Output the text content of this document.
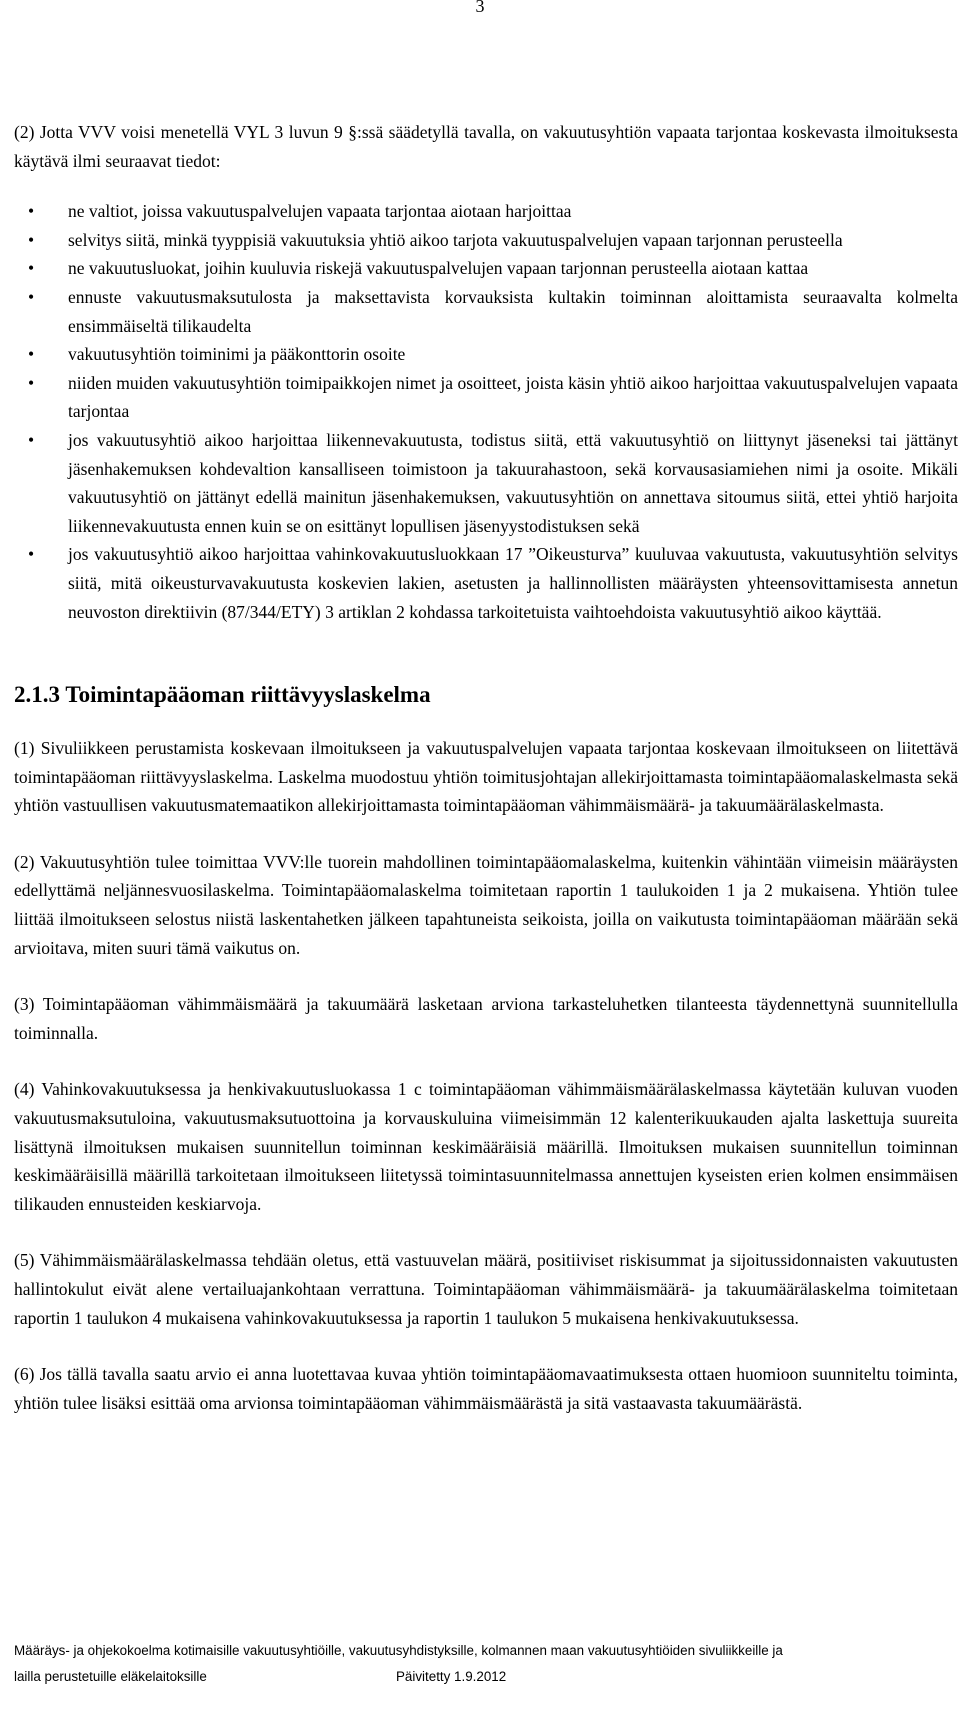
3

(2) Jotta VVV voisi menetellä VYL 3 luvun 9 §:ssä säädetyllä tavalla, on vakuutusyhtiön vapaata tarjontaa koskevasta ilmoituksesta käytävä ilmi seuraavat tiedot:

• ne valtiot, joissa vakuutuspalvelujen vapaata tarjontaa aiotaan harjoittaa
• selvitys siitä, minkä tyyppisiä vakuutuksia yhtiö aikoo tarjota vakuutuspalvelujen vapaan tarjonnan perusteella
• ne vakuutusluokat, joihin kuuluvia riskejä vakuutuspalvelujen vapaan tarjonnan perusteella aiotaan kattaa
• ennuste vakuutusmaksutulosta ja maksettavista korvauksista kultakin toiminnan aloittamista seuraavalta kolmelta ensimmäiseltä tilikaudelta
• vakuutusyhtiön toiminimi ja pääkonttorin osoite
• niiden muiden vakuutusyhtiön toimipaikkojen nimet ja osoitteet, joista käsin yhtiö aikoo harjoittaa vakuutuspalvelujen vapaata tarjontaa
• jos vakuutusyhtiö aikoo harjoittaa liikennevakuutusta, todistus siitä, että vakuutusyhtiö on liittynyt jäseneksi tai jättänyt jäsenhakemuksen kohdevaltion kansalliseen toimistoon ja takuurahastoon, sekä korvausasiamiehen nimi ja osoite. Mikäli vakuutusyhtiö on jättänyt edellä mainitun jäsenhakemuksen, vakuutusyhtiön on annettava sitoumus siitä, ettei yhtiö harjoita liikennevakuutusta ennen kuin se on esittänyt lopullisen jäsenyystodistuksen sekä
• jos vakuutusyhtiö aikoo harjoittaa vahinkovakuutusluokkaan 17 ”Oikeusturva” kuuluvaa vakuutusta, vakuutusyhtiön selvitys siitä, mitä oikeusturvavakuutusta koskevien lakien, asetusten ja hallinnollisten määräysten yhteensovittamisesta annetun neuvoston direktiivin (87/344/ETY) 3 artiklan 2 kohdassa tarkoitetuista vaihtoehdoista vakuutusyhtiö aikoo käyttää.
2.1.3 Toimintapääoman riittävyyslaskelma

(1) Sivuliikkeen perustamista koskevaan ilmoitukseen ja vakuutuspalvelujen vapaata tarjontaa koskevaan ilmoitukseen on liitettävä toimintapääoman riittävyyslaskelma. Laskelma muodostuu yhtiön toimitusjohtajan allekirjoittamasta toimintapääomalaskelmasta sekä yhtiön vastuullisen vakuutusmatemaatikon allekirjoittamasta toimintapääoman vähimmäismäärä- ja takuumäärälaskelmasta.

(2) Vakuutusyhtiön tulee toimittaa VVV:lle tuorein mahdollinen toimintapääomalaskelma, kuitenkin vähintään viimeisin määräysten edellyttämä neljännesvuosilaskelma. Toimintapääomalaskelma toimitetaan raportin 1 taulukoiden 1 ja 2 mukaisena. Yhtiön tulee liittää ilmoitukseen selostus niistä laskentahetken jälkeen tapahtuneista seikoista, joilla on vaikutusta toimintapääoman määrään sekä arvioitava, miten suuri tämä vaikutus on.

(3) Toimintapääoman vähimmäismäärä ja takuumäärä lasketaan arviona tarkasteluhetken tilanteesta täydennettynä suunnitellulla toiminnalla.

(4) Vahinkovakuutuksessa ja henkivakuutusluokassa 1 c toimintapääoman vähimmäismäärälaskelmassa käytetään kuluvan vuoden vakuutusmaksutuloina, vakuutusmaksutuottoina ja korvauskuluina viimeisimmän 12 kalenterikuukauden ajalta laskettuja suureita lisättynä ilmoituksen mukaisen suunnitellun toiminnan keskimääräisiä määrillä. Ilmoituksen mukaisen suunnitellun toiminnan keskimääräisillä määrillä tarkoitetaan ilmoitukseen liitetyssä toimintasuunnitelmassa annettujen kyseisten erien kolmen ensimmäisen tilikauden ennusteiden keskiarvoja.

(5) Vähimmäismäärälaskelmassa tehdään oletus, että vastuuvelan määrä, positiiviset riskisummat ja sijoitussidonnaisten vakuutusten hallintokulut eivät alene vertailuajankohtaan verrattuna. Toimintapääoman vähimmäismäärä- ja takuumäärälaskelma toimitetaan raportin 1 taulukon 4 mukaisena vahinkovakuutuksessa ja raportin 1 taulukon 5 mukaisena henkivakuutuksessa.

(6) Jos tällä tavalla saatu arvio ei anna luotettavaa kuvaa yhtiön toimintapääomavaatimuksesta ottaen huomioon suunniteltu toiminta, yhtiön tulee lisäksi esittää oma arvionsa toimintapääoman vähimmäismäärästä ja sitä vastaavasta takuumäärästä.

Määräys- ja ohjekokoelma kotimaisille vakuutusyhtiöille, vakuutusyhdistyksille, kolmannen maan vakuutusyhtiöiden sivuliikkeille ja
lailla perustetuille eläkelaitoksille	Päivitetty 1.9.2012
